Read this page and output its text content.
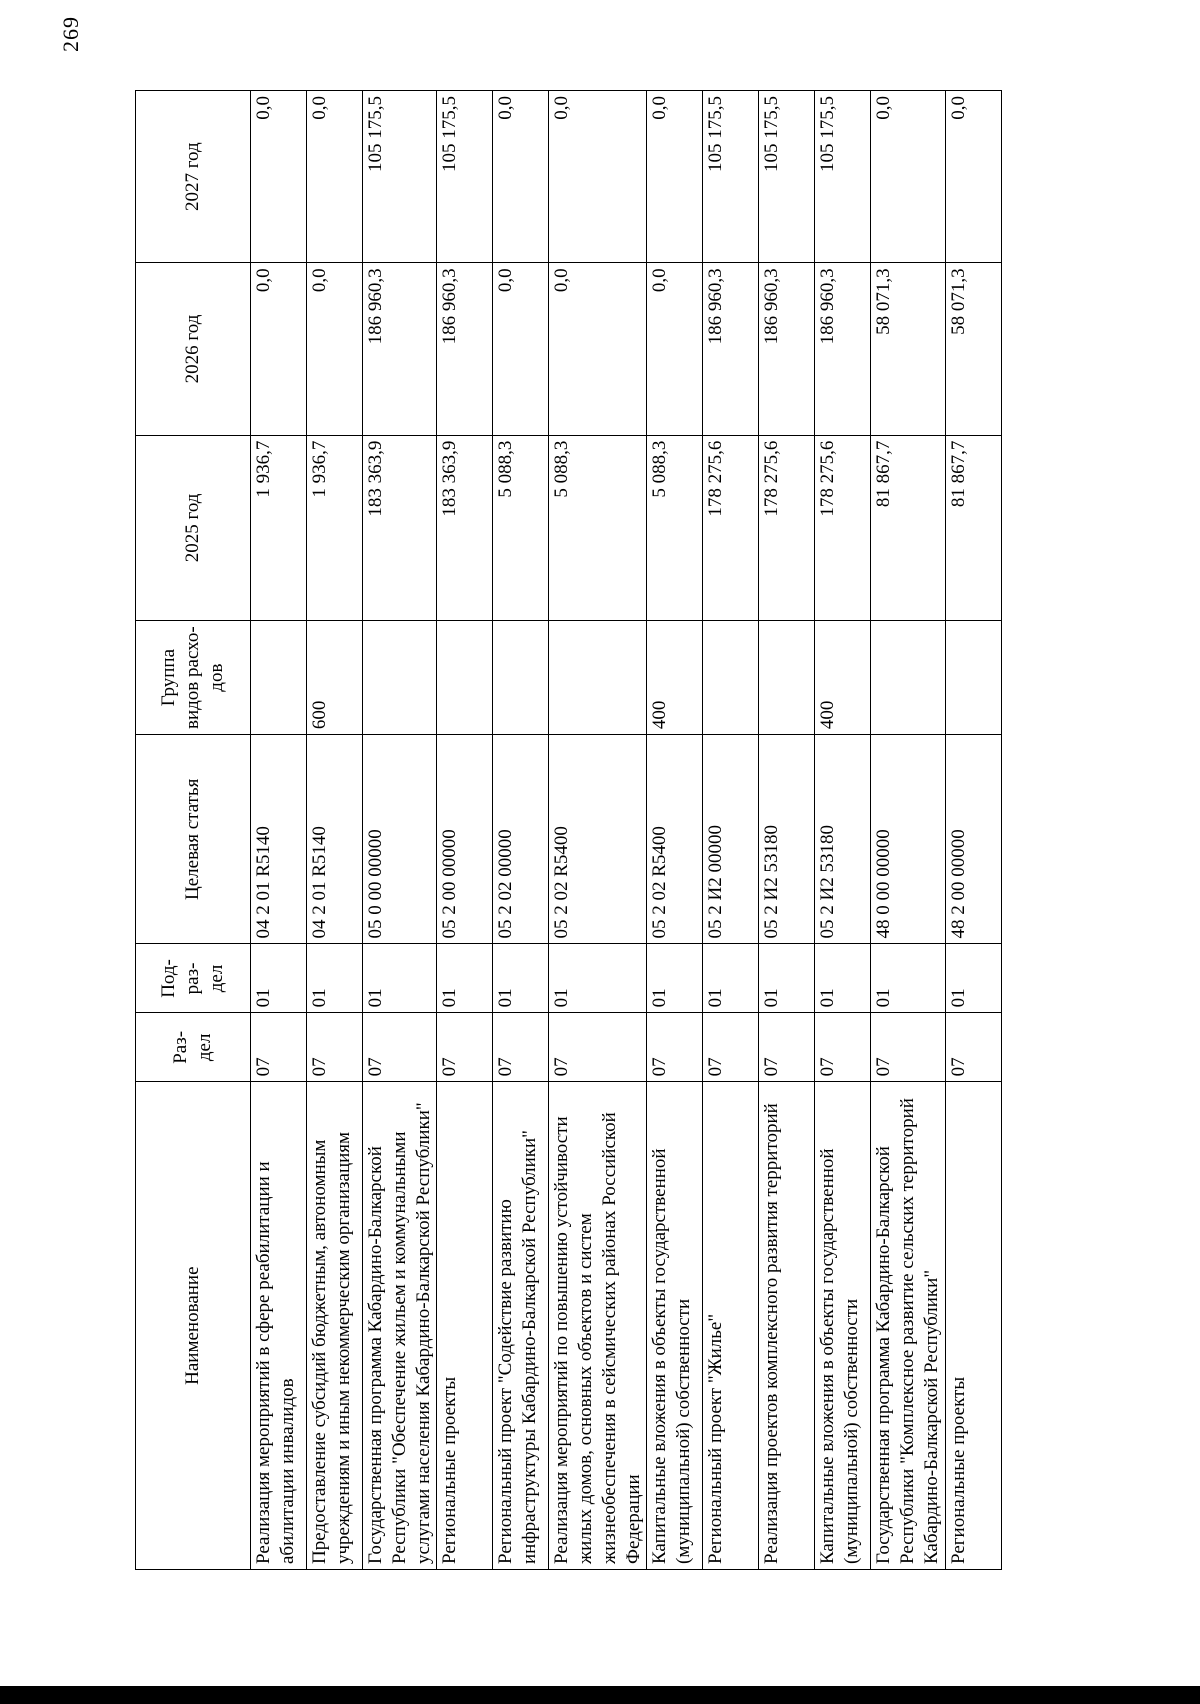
269
Наименование	Раз-дел	Под-раз-дел	Целевая статья	Группа видов расхо-дов	2025 год	2026 год	2027 год
Реализация мероприятий в сфере реабилитации и абилитации инвалидов	07	01	04 2 01 R5140		1 936,7	0,0	0,0
Предоставление субсидий бюджетным, автономным учреждениям и иным некоммерческим организациям	07	01	04 2 01 R5140	600	1 936,7	0,0	0,0
Государственная программа Кабардино-Балкарской Республики "Обеспечение жильем и коммунальными услугами населения Кабардино-Балкарской Республики"	07	01	05 0 00 00000		183 363,9	186 960,3	105 175,5
Региональные проекты	07	01	05 2 00 00000		183 363,9	186 960,3	105 175,5
Региональный проект "Содействие развитию инфраструктуры Кабардино-Балкарской Республики"	07	01	05 2 02 00000		5 088,3	0,0	0,0
Реализация мероприятий по повышению устойчивости жилых домов, основных объектов и систем жизнеобеспечения в сейсмических районах Российской Федерации	07	01	05 2 02 R5400		5 088,3	0,0	0,0
Капитальные вложения в объекты государственной (муниципальной) собственности	07	01	05 2 02 R5400	400	5 088,3	0,0	0,0
Региональный проект "Жилье"	07	01	05 2 И2 00000		178 275,6	186 960,3	105 175,5
Реализация проектов комплексного развития территорий	07	01	05 2 И2 53180		178 275,6	186 960,3	105 175,5
Капитальные вложения в объекты государственной (муниципальной) собственности	07	01	05 2 И2 53180	400	178 275,6	186 960,3	105 175,5
Государственная программа Кабардино-Балкарской Республики "Комплексное развитие сельских территорий Кабардино-Балкарской Республики"	07	01	48 0 00 00000		81 867,7	58 071,3	0,0
Региональные проекты	07	01	48 2 00 00000		81 867,7	58 071,3	0,0
